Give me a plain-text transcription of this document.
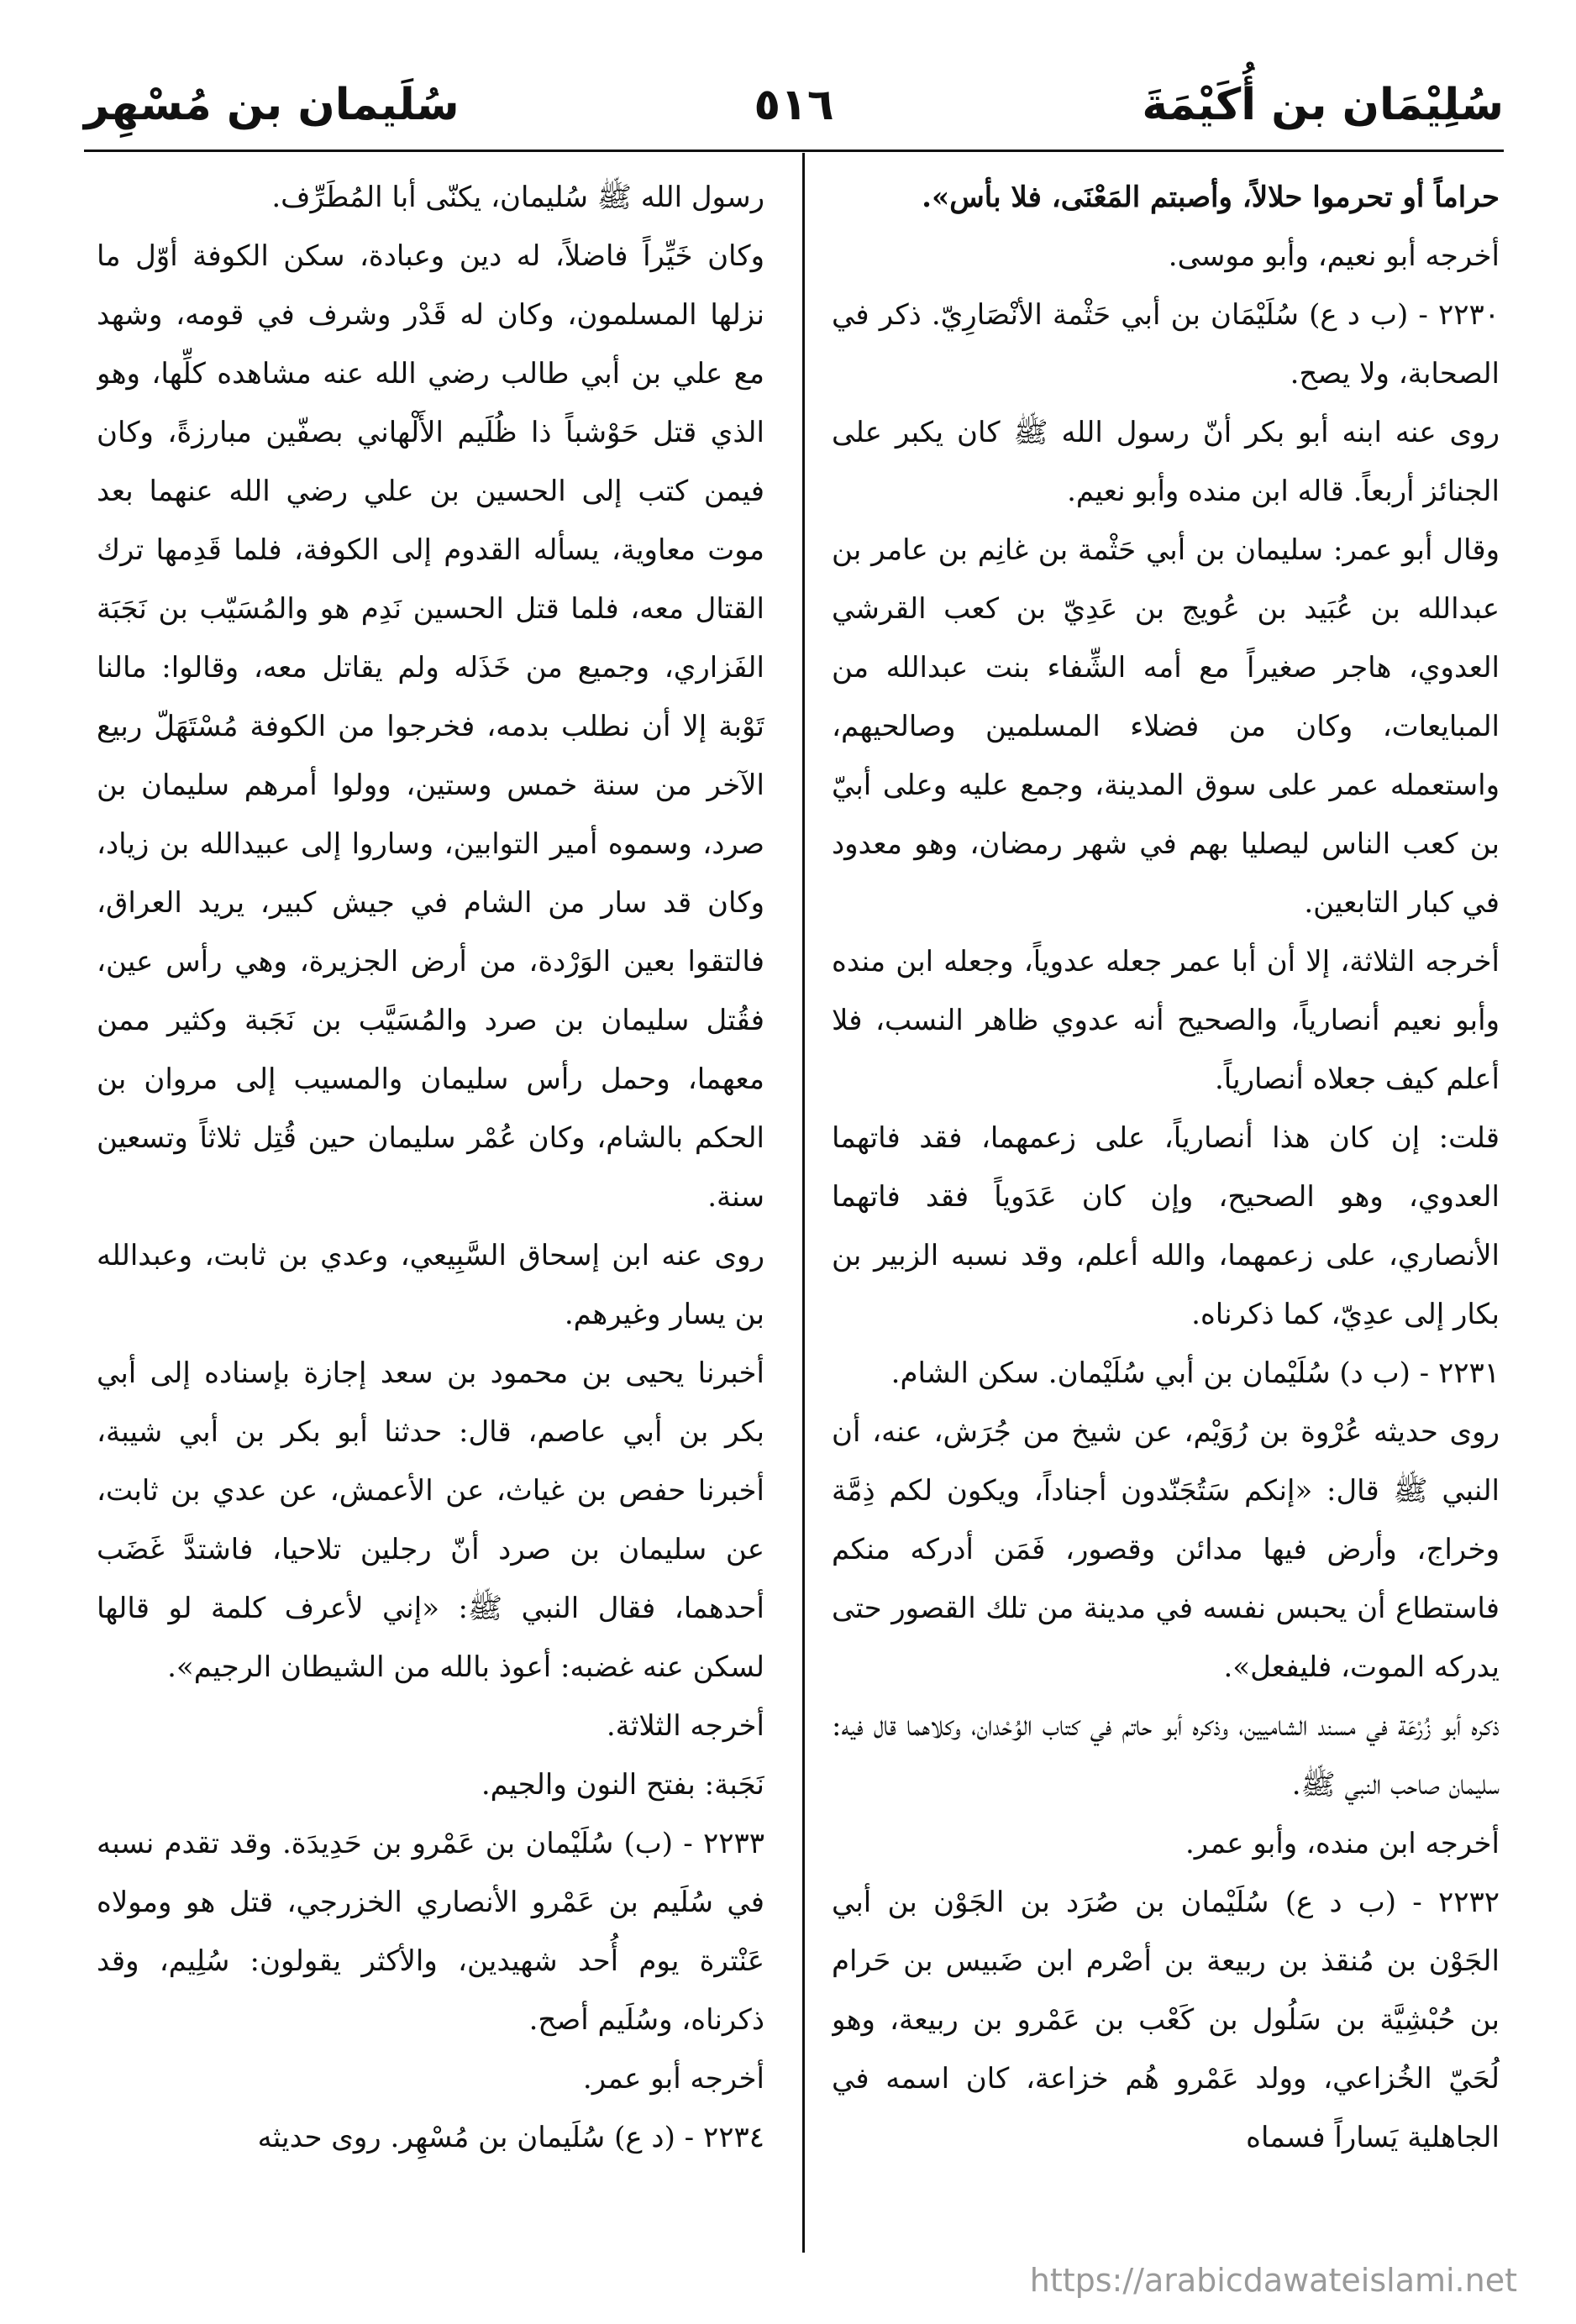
سُلِيْمَان بن أُكَيْمَةَ
٥١٦
سُلَيمان بن مُسْهِر

حراماً أو تحرموا حلالاً، وأصبتم المَعْنَى، فلا بأس».

أخرجه أبو نعيم، وأبو موسى.

٢٢٣٠ - (ب د ع) سُلَيْمَان بن أبي حَثْمة الأنْصَارِيّ. ذكر في الصحابة، ولا يصح.

روى عنه ابنه أبو بكر أنّ رسول الله ﷺ كان يكبر على الجنائز أربعاً. قاله ابن منده وأبو نعيم.

وقال أبو عمر: سليمان بن أبي حَثْمة بن غانِم بن عامر بن عبدالله بن عُبَيد بن عُويج بن عَدِيّ بن كعب القرشي العدوي، هاجر صغيراً مع أمه الشِّفاء بنت عبدالله من المبايعات، وكان من فضلاء المسلمين وصالحيهم، واستعمله عمر على سوق المدينة، وجمع عليه وعلى أبيّ بن كعب الناس ليصليا بهم في شهر رمضان، وهو معدود في كبار التابعين.

أخرجه الثلاثة، إلا أن أبا عمر جعله عدوياً، وجعله ابن منده وأبو نعيم أنصارياً، والصحيح أنه عدوي ظاهر النسب، فلا أعلم كيف جعلاه أنصارياً.

قلت: إن كان هذا أنصارياً، على زعمهما، فقد فاتهما العدوي، وهو الصحيح، وإن كان عَدَوياً فقد فاتهما الأنصاري، على زعمهما، والله أعلم، وقد نسبه الزبير بن بكار إلى عدِيّ، كما ذكرناه.

٢٢٣١ - (ب د) سُلَيْمان بن أبي سُلَيْمان. سكن الشام.

روى حديثه عُرْوة بن رُوَيْم، عن شيخ من جُرَش، عنه، أن النبي ﷺ قال: «إنكم سَتُجَنّدون أجناداً، ويكون لكم ذِمَّة وخراج، وأرض فيها مدائن وقصور، فَمَن أدركه منكم فاستطاع أن يحبس نفسه في مدينة من تلك القصور حتى يدركه الموت، فليفعل».

ذكره أبو زُرْعَة في مسند الشاميين، وذكره أبو حاتم في كتاب الوُحْدان، وكلاهما قال فيه: سليمان صاحب النبي ﷺ.

أخرجه ابن منده، وأبو عمر.

٢٢٣٢ - (ب د ع) سُلَيْمان بن صُرَد بن الجَوْن بن أبي الجَوْن بن مُنقذ بن ربيعة بن أصْرم ابن ضَبيس بن حَرام بن حُبْشِيَّة بن سَلُول بن كَعْب بن عَمْرو بن ربيعة، وهو لُحَيّ الخُزاعي، وولد عَمْرو هُم خزاعة، كان اسمه في الجاهلية يَساراً فسماه

رسول الله ﷺ سُليمان، يكنّى أبا المُطَرِّف.

وكان خَيِّراً فاضلاً، له دين وعبادة، سكن الكوفة أوّل ما نزلها المسلمون، وكان له قَدْر وشرف في قومه، وشهد مع علي بن أبي طالب رضي الله عنه مشاهده كلِّها، وهو الذي قتل حَوْشباً ذا ظُلَيم الأَلْهاني بصفّين مبارزةً، وكان فيمن كتب إلى الحسين بن علي رضي الله عنهما بعد موت معاوية، يسأله القدوم إلى الكوفة، فلما قَدِمها ترك القتال معه، فلما قتل الحسين نَدِم هو والمُسَيّب بن نَجَبَة الفَزاري، وجميع من خَذَله ولم يقاتل معه، وقالوا: مالنا تَوْبة إلا أن نطلب بدمه، فخرجوا من الكوفة مُسْتَهَلّ ربيع الآخر من سنة خمس وستين، وولوا أمرهم سليمان بن صرد، وسموه أمير التوابين، وساروا إلى عبيدالله بن زياد، وكان قد سار من الشام في جيش كبير، يريد العراق، فالتقوا بعين الوَرْدة، من أرض الجزيرة، وهي رأس عين، فقُتل سليمان بن صرد والمُسَيَّب بن نَجَبة وكثير ممن معهما، وحمل رأس سليمان والمسيب إلى مروان بن الحكم بالشام، وكان عُمْر سليمان حين قُتِل ثلاثاً وتسعين سنة.

روى عنه ابن إسحاق السَّبِيعي، وعدي بن ثابت، وعبدالله بن يسار وغيرهم.

أخبرنا يحيى بن محمود بن سعد إجازة بإسناده إلى أبي بكر بن أبي عاصم، قال: حدثنا أبو بكر بن أبي شيبة، أخبرنا حفص بن غياث، عن الأعمش، عن عدي بن ثابت، عن سليمان بن صرد أنّ رجلين تلاحيا، فاشتدَّ غَضَب أحدهما، فقال النبي ﷺ: «إني لأعرف كلمة لو قالها لسكن عنه غضبه: أعوذ بالله من الشيطان الرجيم».

أخرجه الثلاثة.

نَجَبة: بفتح النون والجيم.

٢٢٣٣ - (ب) سُلَيْمان بن عَمْرو بن حَدِيدَة. وقد تقدم نسبه في سُلَيم بن عَمْرو الأنصاري الخزرجي، قتل هو ومولاه عَنْترة يوم أُحد شهيدين، والأكثر يقولون: سُلِيم، وقد ذكرناه، وسُلَيم أصح.

أخرجه أبو عمر.

٢٢٣٤ - (د ع) سُلَيمان بن مُسْهِر. روى حديثه

https://arabicdawateislami.net
